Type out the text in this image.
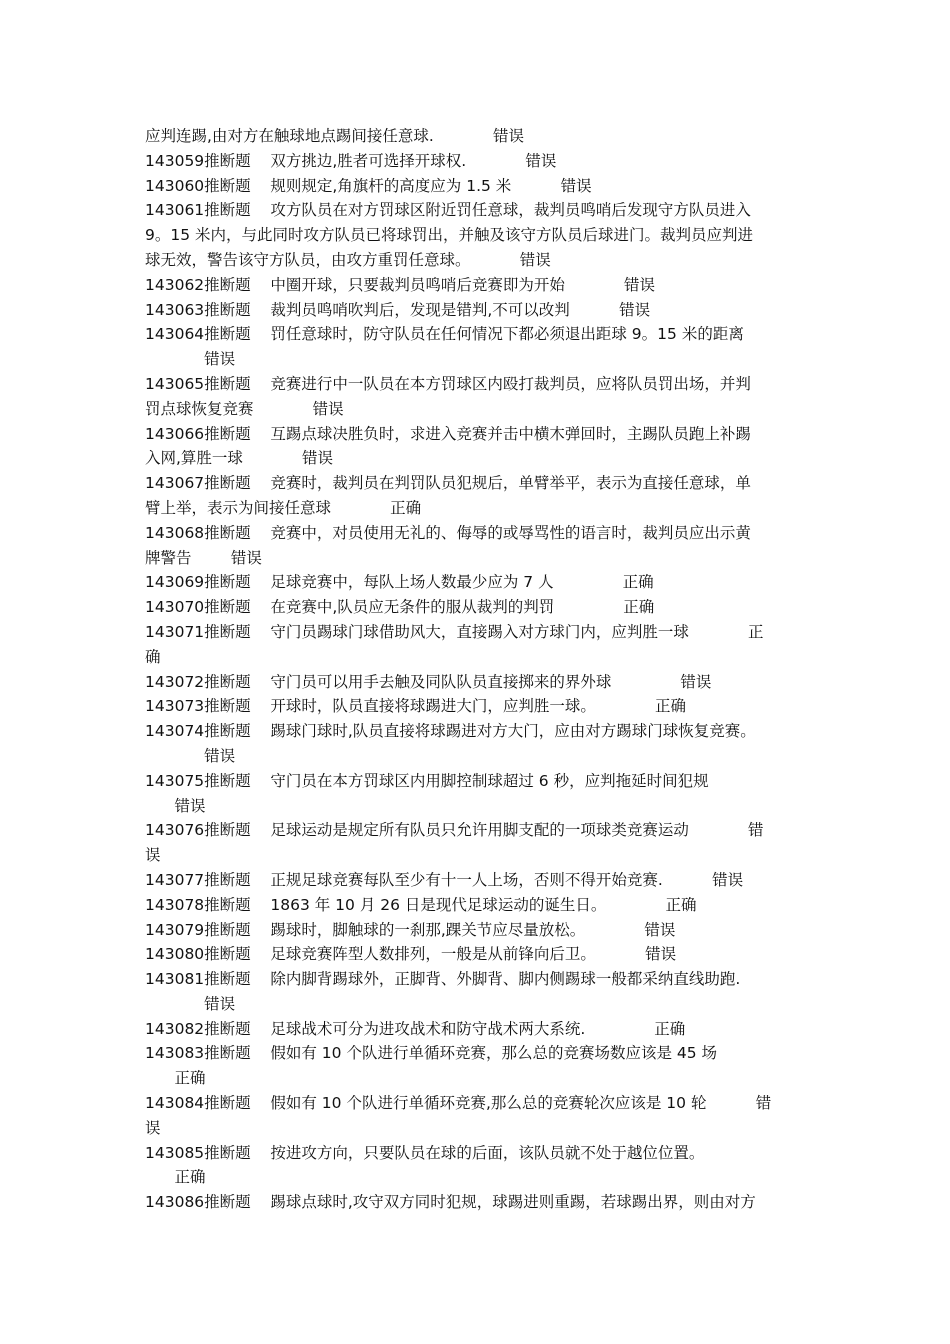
应判连踢,由对方在触球地点踢间接任意球.            错误
143059推断题    双方挑边,胜者可选择开球权.            错误
143060推断题    规则规定,角旗杆的高度应为 1.5 米          错误
143061推断题    攻方队员在对方罚球区附近罚任意球，裁判员鸣哨后发现守方队员进入
9。15 米内，与此同时攻方队员已将球罚出，并触及该守方队员后球进门。裁判员应判进
球无效，警告该守方队员，由攻方重罚任意球。          错误
143062推断题    中圈开球，只要裁判员鸣哨后竞赛即为开始            错误
143063推断题    裁判员鸣哨吹判后，发现是错判,不可以改判          错误
143064推断题    罚任意球时，防守队员在任何情况下都必须退出距球 9。15 米的距离
错误
143065推断题    竞赛进行中一队员在本方罚球区内殴打裁判员，应将队员罚出场，并判
罚点球恢复竞赛            错误
143066推断题    互踢点球决胜负时，求进入竞赛并击中横木弹回时，主踢队员跑上补踢
入网,算胜一球            错误
143067推断题    竞赛时，裁判员在判罚队员犯规后，单臂举平，表示为直接任意球，单
臂上举，表示为间接任意球            正确
143068推断题    竞赛中，对员使用无礼的、侮辱的或辱骂性的语言时，裁判员应出示黄
牌警告        错误
143069推断题    足球竞赛中，每队上场人数最少应为 7 人              正确
143070推断题    在竞赛中,队员应无条件的服从裁判的判罚              正确
143071推断题    守门员踢球门球借助风大，直接踢入对方球门内，应判胜一球            正
确
143072推断题    守门员可以用手去触及同队队员直接掷来的界外球              错误
143073推断题    开球时，队员直接将球踢进大门，应判胜一球。            正确
143074推断题    踢球门球时,队员直接将球踢进对方大门，应由对方踢球门球恢复竞赛。
错误
143075推断题    守门员在本方罚球区内用脚控制球超过 6 秒，应判拖延时间犯规
错误
143076推断题    足球运动是规定所有队员只允许用脚支配的一项球类竞赛运动            错
误
143077推断题    正规足球竞赛每队至少有十一人上场，否则不得开始竞赛.          错误
143078推断题    1863 年 10 月 26 日是现代足球运动的诞生日。            正确
143079推断题    踢球时，脚触球的一刹那,踝关节应尽量放松。            错误
143080推断题    足球竞赛阵型人数排列，一般是从前锋向后卫。          错误
143081推断题    除内脚背踢球外，正脚背、外脚背、脚内侧踢球一般都采纳直线助跑.
错误
143082推断题    足球战术可分为进攻战术和防守战术两大系统.              正确
143083推断题    假如有 10 个队进行单循环竞赛，那么总的竞赛场数应该是 45 场
正确
143084推断题    假如有 10 个队进行单循环竞赛,那么总的竞赛轮次应该是 10 轮          错
误
143085推断题    按进攻方向，只要队员在球的后面，该队员就不处于越位位置。
正确
143086推断题    踢球点球时,攻守双方同时犯规，球踢进则重踢，若球踢出界，则由对方
